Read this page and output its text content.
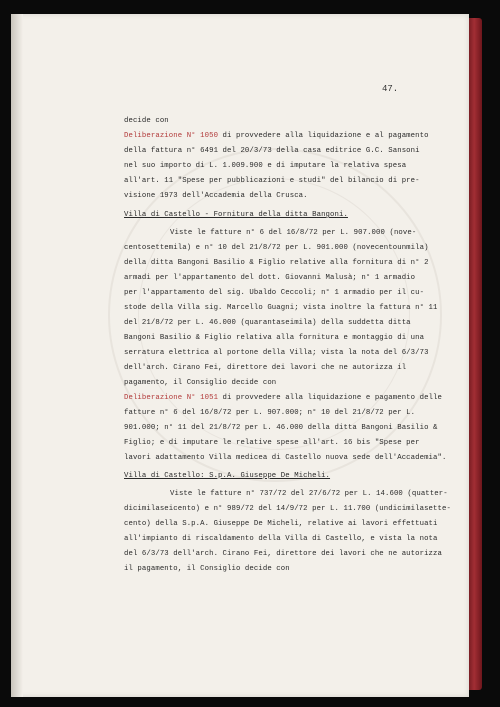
47.
decide con
Deliberazione N° 1050 di provvedere alla liquidazione e al pagamento
della fattura n° 6491 del 20/3/73 della casa editrice G.C. Sansoni
nel suo importo di L. 1.009.900 e di imputare la relativa spesa
all'art. 11 "Spese per pubblicazioni e studi" del bilancio di pre-
visione 1973 dell'Accademia della Crusca.
Villa di Castello - Fornitura della ditta Bangoni.
Viste le fatture n° 6 del 16/8/72 per L. 907.000 (nove-
centosettemila) e n° 10 del 21/8/72 per L. 901.000 (novecentounmila)
della ditta Bangoni Basilio & Figlio relative alla fornitura di n° 2
armadi per l'appartamento del dott. Giovanni Malusà; n° 1 armadio
per l'appartamento del sig. Ubaldo Ceccoli; n° 1 armadio per il cu-
stode della Villa sig. Marcello Guagni; vista inoltre la fattura n° 11
del 21/8/72 per L. 46.000 (quarantaseimila) della suddetta ditta
Bangoni Basilio & Figlio relativa alla fornitura e montaggio di una
serratura elettrica al portone della Villa; vista la nota del 6/3/73
dell'arch. Cirano Fei, direttore dei lavori che ne autorizza il
pagamento, il Consiglio decide con
Deliberazione N° 1051 di provvedere alla liquidazione e pagamento delle
fatture n° 6 del 16/8/72 per L. 907.000; n° 10 del 21/8/72 per L.
901.000; n° 11 del 21/8/72 per L. 46.000 della ditta Bangoni Basilio &
Figlio; e di imputare le relative spese all'art. 16 bis "Spese per
lavori adattamento Villa medicea di Castello nuova sede dell'Accademia".
Villa di Castello: S.p.A. Giuseppe De Micheli.
Viste le fatture n° 737/72 del 27/6/72 per L. 14.600 (quatter-
dicimilaseicento) e n° 989/72 del 14/9/72 per L. 11.700 (undicimilasette-
cento) della S.p.A. Giuseppe De Micheli, relative ai lavori effettuati
all'impianto di riscaldamento della Villa di Castello, e vista la nota
del 6/3/73 dell'arch. Cirano Fei, direttore dei lavori che ne autorizza
il pagamento, il Consiglio decide con
